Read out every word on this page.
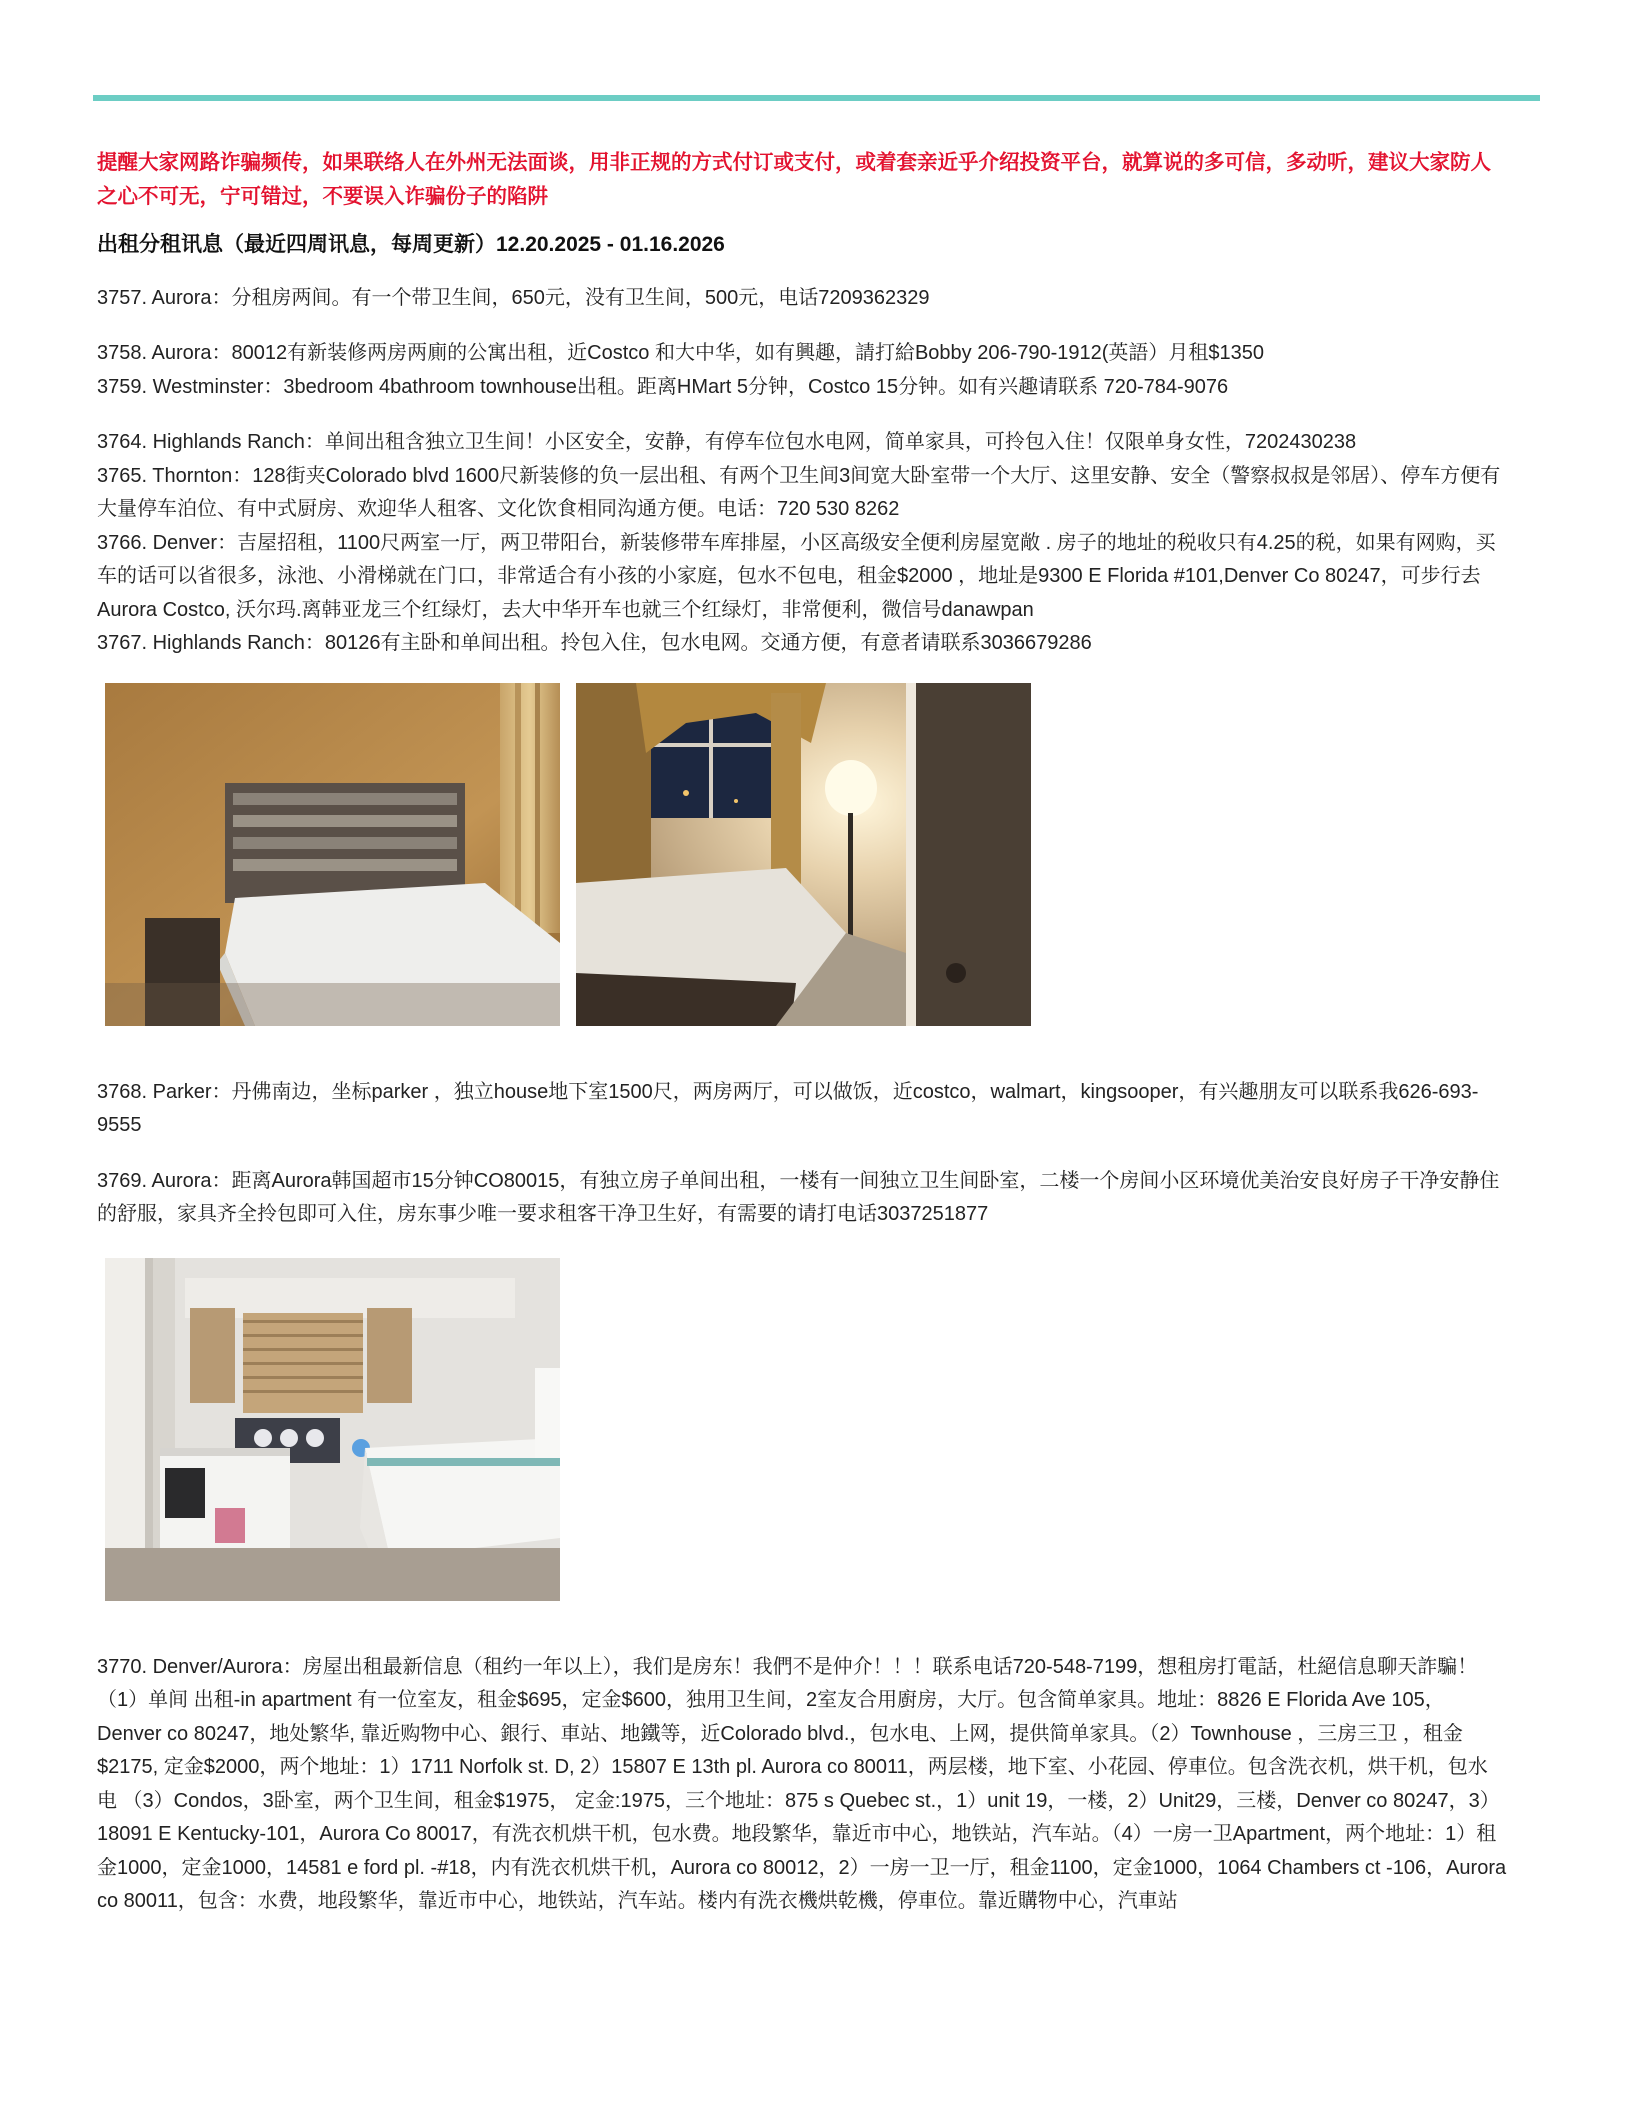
提醒大家网路诈骗频传，如果联络人在外州无法面谈，用非正规的方式付订或支付，或着套亲近乎介绍投资平台，就算说的多可信，多动听，建议大家防人之心不可无，宁可错过，不要误入诈骗份子的陷阱
出租分租讯息（最近四周讯息，每周更新）12.20.2025 - 01.16.2026

3757. Aurora：分租房两间。有一个带卫生间，650元，没有卫生间，500元，电话7209362329

3758. Aurora：80012有新装修两房两廁的公寓出租，近Costco 和大中华，如有興趣，請打給Bobby 206-790-1912(英語）月租$1350

3759. Westminster：3bedroom 4bathroom townhouse出租。距离HMart 5分钟，Costco 15分钟。如有兴趣请联系 720-784-9076

3764. Highlands Ranch：单间出租含独立卫生间！小区安全，安静，有停车位包水电网，简单家具，可拎包入住！仅限单身女性，7202430238

3765. Thornton：128街夹Colorado blvd 1600尺新装修的负一层出租、有两个卫生间3间宽大卧室带一个大厅、这里安静、安全（警察叔叔是邻居）、停车方便有大量停车泊位、有中式厨房、欢迎华人租客、文化饮食相同沟通方便。电话：720 530 8262

3766. Denver：吉屋招租，1100尺两室一厅，两卫带阳台，新装修带车库排屋，小区高级安全便利房屋宽敞 . 房子的地址的税收只有4.25的税，如果有网购，买车的话可以省很多，泳池、小滑梯就在门口，非常适合有小孩的小家庭，包水不包电，租金$2000 ，地址是9300 E Florida #101,Denver Co 80247，可步行去Aurora Costco, 沃尔玛.离韩亚龙三个红绿灯，去大中华开车也就三个红绿灯，非常便利，微信号danawpan

3767. Highlands Ranch：80126有主卧和单间出租。拎包入住，包水电网。交通方便，有意者请联系3036679286

3768. Parker：丹佛南边，坐标parker ，独立house地下室1500尺，两房两厅，可以做饭，近costco，walmart，kingsooper，有兴趣朋友可以联系我626-693-9555

3769. Aurora：距离Aurora韩国超市15分钟CO80015，有独立房子单间出租，一楼有一间独立卫生间卧室，二楼一个房间小区环境优美治安良好房子干净安静住的舒服，家具齐全拎包即可入住，房东事少唯一要求租客干净卫生好，有需要的请打电话3037251877

3770. Denver/Aurora：房屋出租最新信息（租约一年以上），我们是房东！我們不是仲介！！！联系电话720-548-7199，想租房打電話，杜絕信息聊天詐騙！（1）单间 出租-in apartment 有一位室友，租金$695，定金$600，独用卫生间，2室友合用廚房，大厅。包含简单家具。地址：8826 E Florida Ave 105，Denver co 80247，地处繁华, 靠近购物中心、銀行、車站、地鐵等，近Colorado blvd.，包水电、上网，提供简单家具。（2）Townhouse ，三房三卫 ，租金$2175, 定金$2000，两个地址：1）1711 Norfolk st. D, 2）15807 E 13th pl. Aurora co 80011，两层楼，地下室、小花园、停車位。包含洗衣机，烘干机，包水电 （3）Condos，3卧室，两个卫生间，租金$1975， 定金:1975，三个地址：875 s Quebec st.，1）unit 19，一楼，2）Unit29，三楼，Denver co 80247，3） 18091 E Kentucky-101，Aurora Co 80017，有洗衣机烘干机，包水费。地段繁华，靠近市中心，地铁站，汽车站。（4）一房一卫Apartment，两个地址：1）租金1000，定金1000，14581 e ford pl. -#18，内有洗衣机烘干机，Aurora co 80012，2）一房一卫一厅，租金1100，定金1000，1064 Chambers ct -106，Aurora co 80011，包含：水费，地段繁华，靠近市中心，地铁站，汽车站。楼内有洗衣機烘乾機，停車位。靠近購物中心，汽車站
